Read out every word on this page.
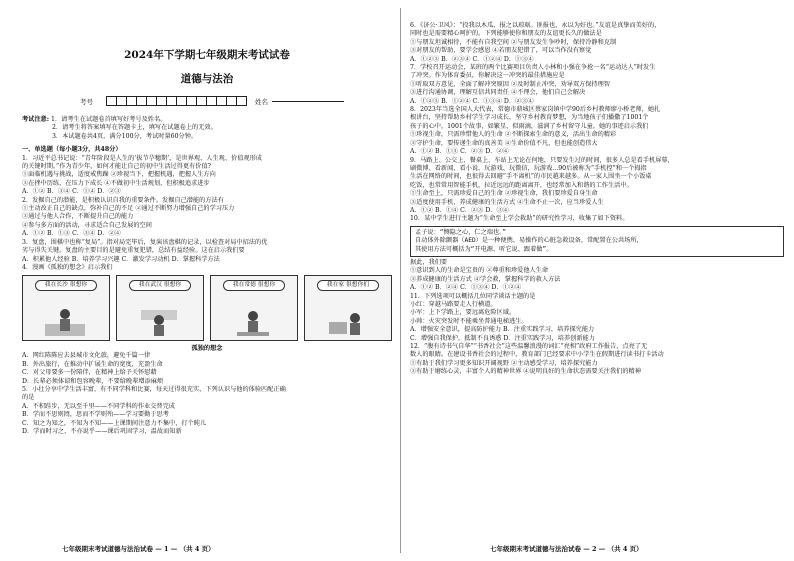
2024年下学期七年级期末考试试卷
道德与法治
考号	姓名
考试注意: 1．请考生在试题卷首填写好考号及姓名。
2．请考生将答案填写在答题卡上，填写在试题卷上的无效。
3．本试题卷共4页，满分100分，考试时量60分钟。
一、单选题（每小题3分，共48分）
1．习近平总书记说：“青年阶段是人生的‘拔节孕穗期’，是世界观、人生观、价值观形成
的关键时期。”作为青少年，如何才能让自己的初中生活过得更有价值?
①面临机遇与挑战，适度戒焦躁 ②珍视当下，把握机遇，把握人生方向
③在挫中历练，在压力下成长 ④不做初中生活规划，但积极追求进步
A．①② B．③④ C．①④ D．②③
2．发掘自己的潜能，是积极认识自我的重要条件。发掘自己潜能的方法有
①主动改正自己的缺点，弥补自己的不足 ②通过不断努力增强自己的学习压力
③通过与他人合作，不断提升自己的能力
④参与多方面的活动，寻求适合自己发展的空间
A．①② B．①③ C．③④ D．②④
3．复盘，围棋中也称“复局”。指对局完毕后，复演该盘棋的记录，以检查对局中招法的优
劣与得失关键。复盘的主要目的是避免重复犯错，总结有益经验。这在启示我们要
A．积累他人经验 B．培养学习兴趣 C．激发学习动机 D．掌握科学方法
4．漫画《孤独的想念》启示我们
我在长沙 很想你	我在武汉 很想你	我在常德 很想你	我在家 很想你们
孤独的想念
A．网红陈陈应去县城市文化旅，避免千篇一律
B．外出旅行，在推动中扩展生命的宽度，充盈生命
C．对父母要多一份陪伴，在精神上给予关怀慰藉
D．长辈必须体谅和包容晚辈，不要给晚辈增添麻烦
5．小壮分享中学生活丰富，有不同学科和比赛，每天过得很充实，下列认识与他的体验匹配正确
的是
A．不积跬步，无以至千里——不同学科的作业交替完成
B．学而不思则罔，思而不学则殆——学习要勤于思考
C．知之为知之，不知为不知——上课期间注意力不集中，打个盹儿
D．学而时习之，不亦说乎——课后巩固学习，温故而知新
七年级期末考试道德与法治试卷 — 1 — （共 4 页）
6．《济公·卫风》：“投我以木瓜，报之以琼琚。匪报也，永以为好也。”友谊是真挚而美好的，
同时也是需要精心呵护的。下列能够使你和朋友的友谊更长久的做法是
①与朋友坦诚相待，不能有自我空间 ②与朋友发生争吵时，保持冷静和克制
③对朋友的帮助，要学会感恩 ④若朋友犯错了，可以当作没有察觉
A．①②③ B．②③④ C．①②④ D．①③④
7．学校召开运动会，某班的两个比赛项目负责人小林和小强在争抢一名“运动达人”时发生
了冲突。作为体育委员，你解决这一冲突的最佳措施应是
①听取双方意见，全面了解冲突原因 ②及时制止冲突，劝导双方保持理智
③进行沟通协调，理解互信共同责任 ④不理会，他们自己会解决
A．①②③ B．①②④ C．①③④ D．②③④
8．2023年当选全国人大代表，常德市鼎城区蔡家岗镇中学90后乡村教师廖小桥老师，她扎
根讲台，坚持帮助乡村学生学习成长，坚守乡村教育梦想，为当地孩子们播撒了1001个
孩子的心中。1001个故事，如繁星、似雨滴，滋润了乡村留守儿童。她的事迹启示我们
①珍视生命，只需珍惜他人的生命 ②不断探索生命的意义，活出生命的精彩
③守护生命，要传递生命的真善美 ④生命价值不凡，但也能创造伟大
A．①② B．①③ C．②③ D．②④
9．马路上、公交上、餐桌上、车站上无论在何地，只要发生过的时间，很多人总是看手机屏幕，
刷微博、看新闻、看小说、玩游戏、玩微信，玩游戏...90后被称为“手机控”和一个拇指
生活在网络的时间，也很得去回避“手不离机”的市民越来越多。从一家人围坐一个小饭桌
吃饭，也常常用智能手机，拉近远远的距离离开，也经常加入和谐的工作生活中。
①生命至上，只需珍爱自己的生命 ②珍视生命，我们要珍爱自身生命
③适度使用手机，养成健康的生活方式 ④生命不止一次，应当珍爱人生
A．①② B．①④ C．②③ D．③④
10．某中学生进行主题为“生命至上学会救助”的研究性学习，收集了如下资料。
孟子说：“恻隐之心，仁之端也。”
自动体外除颤器（AED）是一种便携、易操作的心脏急救设备，常配置在公共场所，
其使用方法可概括为“开电源、听它说、跟着做”。
据此，我们要
①意识到人的生命是宝贵的 ②尊重和珍爱他人生命
③养成健康的生活方式 ④学会救，掌握科学的救人方法
A．①② B．②④ C．①③④ D．①②④
11．下列选项可以概括几位同学谈话主题的是
小红：穿越马路要走人行横道。
小军：上下学路上，要远离危险区域。
小帅：火灾突发时不能乘坐普通电梯逃生。
A．增强安全意识，提高防护能力 B．注重实践学习，培养探究能力
C．增强自我保护，抵制不良诱惑 D．注重实践学习，培养创新能力
12．“腹有诗书气自华”“书香社会”这些温馨浪漫的词汇“亮相”政府工作报告，点亮了无
数人的眼睛。在建设书香社会的过程中，教育部门已经要求中小学生在假期进行读书打卡活动
①有助于我们学习更多知识开阔视野 ②主动感受学习，培养探究能力
③有助于磨练心灵，丰富个人的精神世界 ④说明良好的生命状态需要关注我们的精神
七年级期末考试道德与法治试卷 — 2 — （共 4 页）
